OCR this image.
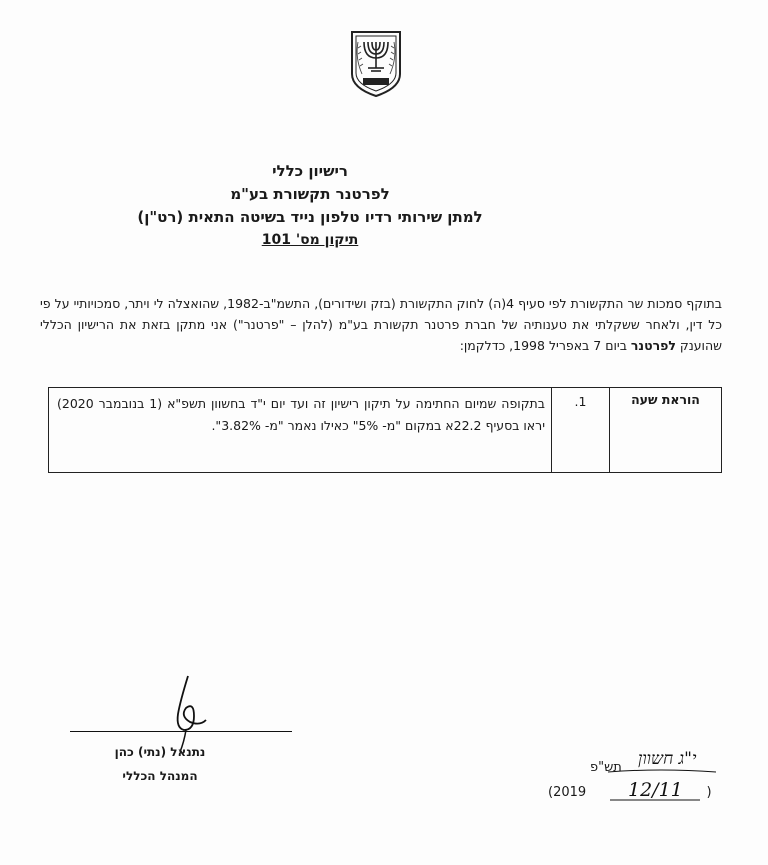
רישיון כללי
לפרטנר תקשורת בע"מ
למתן שירותי רדיו טלפון נייד בשיטה התאית (רט"ן)
תיקון מס' 101
בתוקף סמכות שר התקשורת לפי סעיף 4(ה) לחוק התקשורת (בזק ושידורים), התשמ"ב-1982, שהואצלה לי ויתר, סמכויותיי על פי כל דין, ולאחר ששקלתי את טענותיה של חברת פרטנר תקשורת בע"מ (להלן – "פרטנר") אני מתקן בזאת את הרישיון הכללי שהוענק לפרטנר ביום 7 באפריל 1998, כדלקמן:
הוראת שעה
1.
בתקופה שמיום החתימה על תיקון רישיון זה ועד יום י"ד בחשוון תשפ"א (1 בנובמבר 2020) יראו בסעיף 22.2א במקום "מ- 5%" כאילו נאמר "מ- 3.82%".
נתנאל (נתי) כהן
המנהל הכללי
י"ג חשוון
12/11
תש"פ
(2019	)
